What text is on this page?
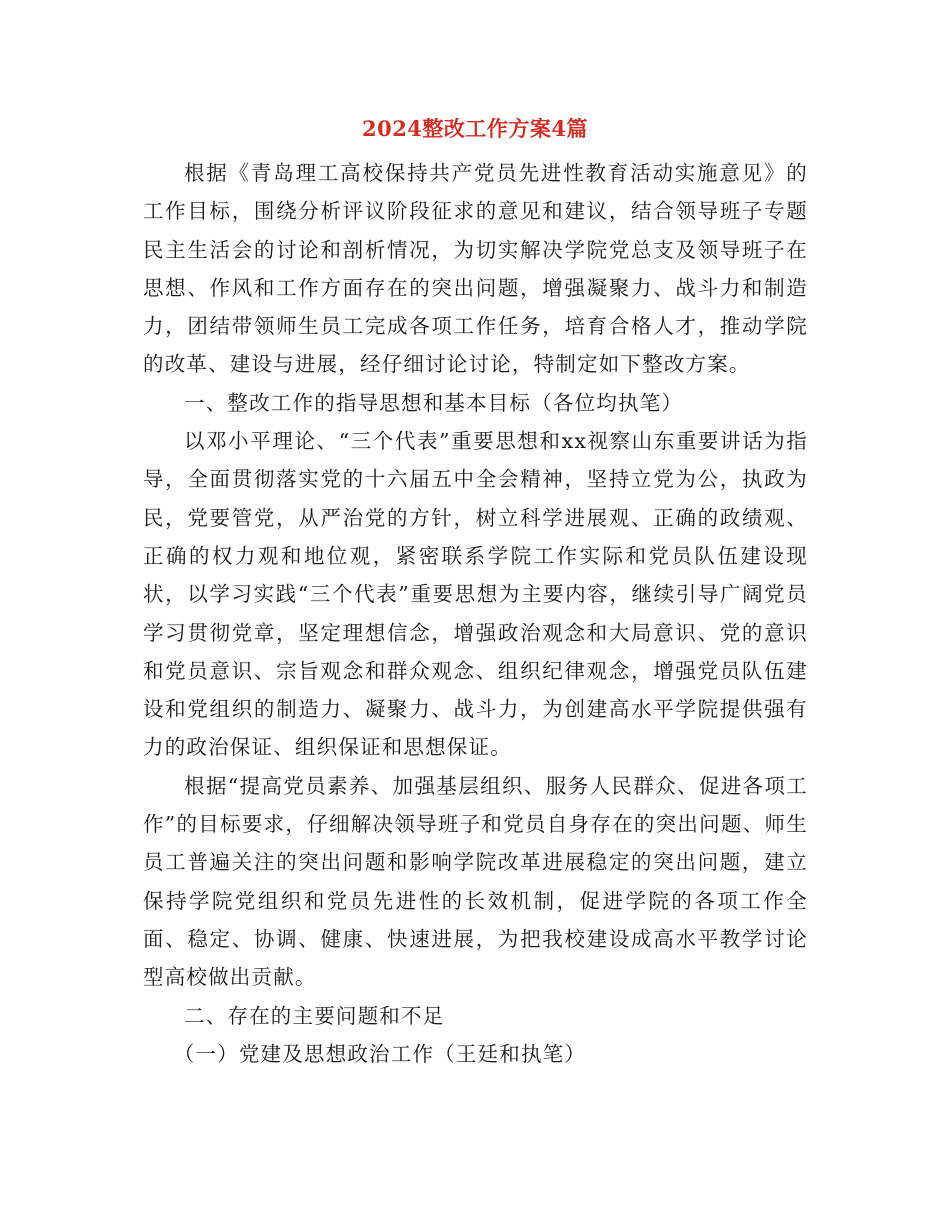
2024整改工作方案4篇

根据《青岛理工高校保持共产党员先进性教育活动实施意见》的工作目标，围绕分析评议阶段征求的意见和建议，结合领导班子专题民主生活会的讨论和剖析情况，为切实解决学院党总支及领导班子在思想、作风和工作方面存在的突出问题，增强凝聚力、战斗力和制造力，团结带领师生员工完成各项工作任务，培育合格人才，推动学院的改革、建设与进展，经仔细讨论讨论，特制定如下整改方案。

一、整改工作的指导思想和基本目标（各位均执笔）

以邓小平理论、“三个代表”重要思想和xx视察山东重要讲话为指导，全面贯彻落实党的十六届五中全会精神，坚持立党为公，执政为民，党要管党，从严治党的方针，树立科学进展观、正确的政绩观、正确的权力观和地位观，紧密联系学院工作实际和党员队伍建设现状，以学习实践“三个代表”重要思想为主要内容，继续引导广阔党员学习贯彻党章，坚定理想信念，增强政治观念和大局意识、党的意识和党员意识、宗旨观念和群众观念、组织纪律观念，增强党员队伍建设和党组织的制造力、凝聚力、战斗力，为创建高水平学院提供强有力的政治保证、组织保证和思想保证。

根据“提高党员素养、加强基层组织、服务人民群众、促进各项工作”的目标要求，仔细解决领导班子和党员自身存在的突出问题、师生员工普遍关注的突出问题和影响学院改革进展稳定的突出问题，建立保持学院党组织和党员先进性的长效机制，促进学院的各项工作全面、稳定、协调、健康、快速进展，为把我校建设成高水平教学讨论型高校做出贡献。

二、存在的主要问题和不足

（一）党建及思想政治工作（王廷和执笔）
